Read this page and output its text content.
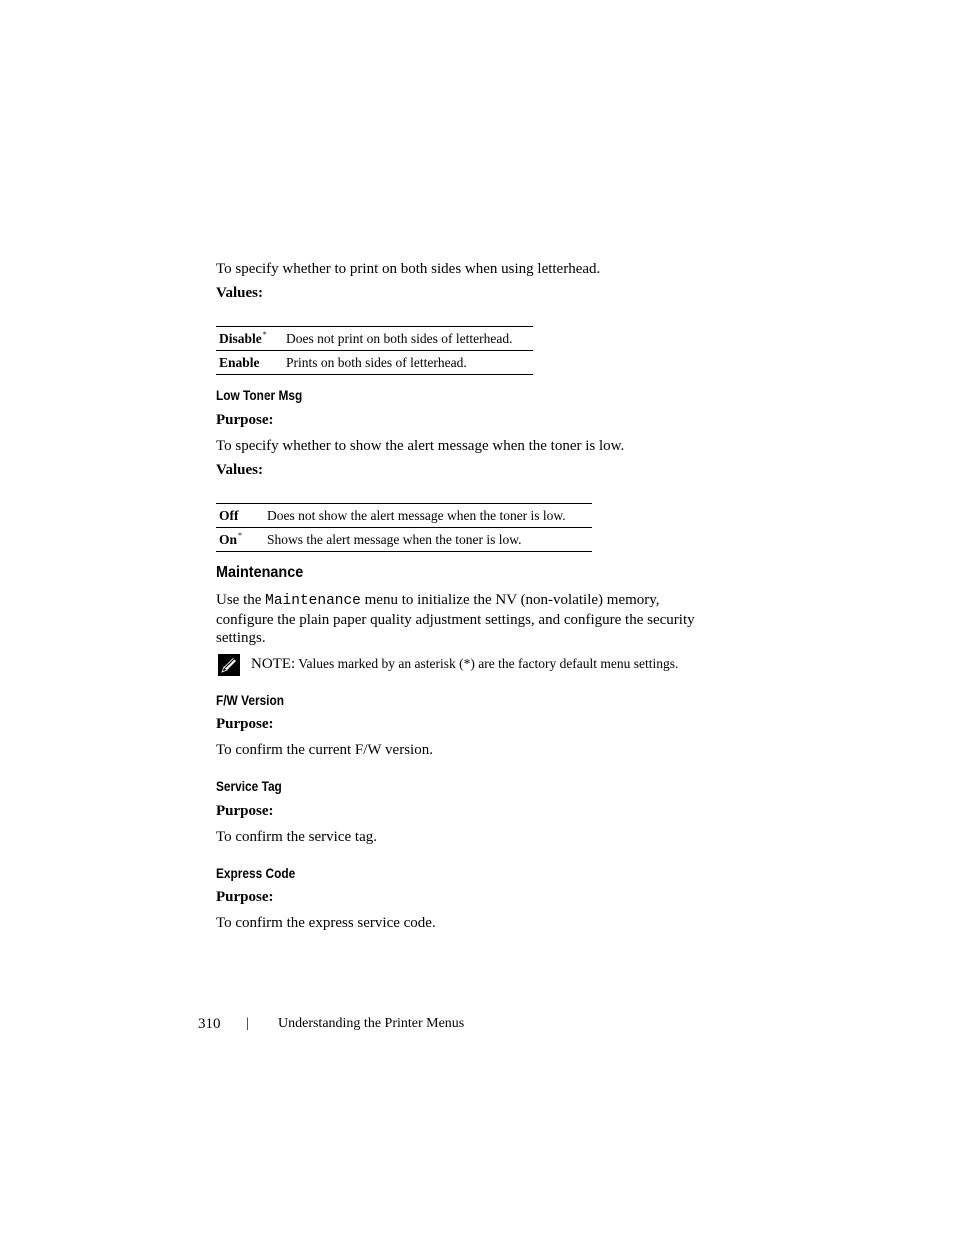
To specify whether to print on both sides when using letterhead.
Values:
Disable*	Does not print on both sides of letterhead.
Enable	Prints on both sides of letterhead.
Low Toner Msg
Purpose:
To specify whether to show the alert message when the toner is low.
Values:
Off	Does not show the alert message when the toner is low.
On*	Shows the alert message when the toner is low.
Maintenance
Use the Maintenance menu to initialize the NV (non-volatile) memory, configure the plain paper quality adjustment settings, and configure the security settings.
NOTE: Values marked by an asterisk (*) are the factory default menu settings.
F/W Version
Purpose:
To confirm the current F/W version.
Service Tag
Purpose:
To confirm the service tag.
Express Code
Purpose:
To confirm the express service code.
310 | Understanding the Printer Menus
